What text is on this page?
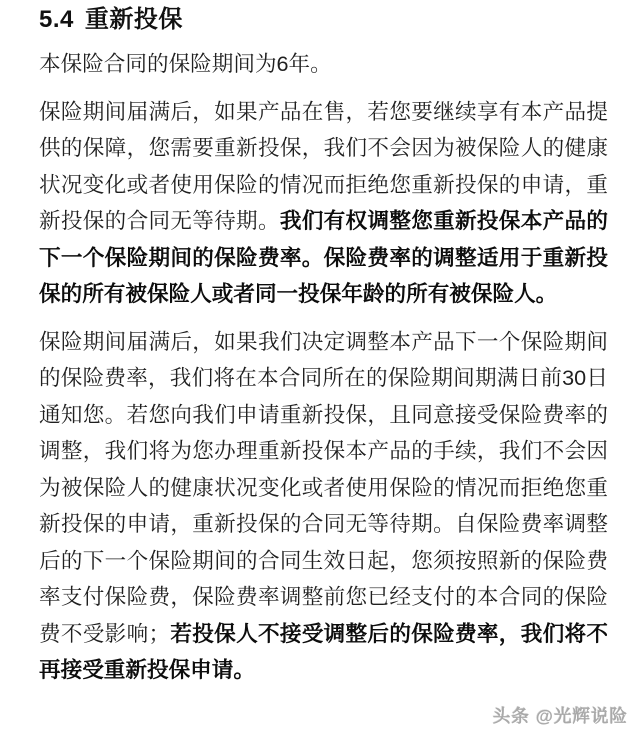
5.4 重新投保

本保险合同的保险期间为6年。

保险期间届满后，如果产品在售，若您要继续享有本产品提供的保障，您需要重新投保，我们不会因为被保险人的健康状况变化或者使用保险的情况而拒绝您重新投保的申请，重新投保的合同无等待期。我们有权调整您重新投保本产品的下一个保险期间的保险费率。保险费率的调整适用于重新投保的所有被保险人或者同一投保年龄的所有被保险人。

保险期间届满后，如果我们决定调整本产品下一个保险期间的保险费率，我们将在本合同所在的保险期间期满日前30日通知您。若您向我们申请重新投保，且同意接受保险费率的调整，我们将为您办理重新投保本产品的手续，我们不会因为被保险人的健康状况变化或者使用保险的情况而拒绝您重新投保的申请，重新投保的合同无等待期。自保险费率调整后的下一个保险期间的合同生效日起，您须按照新的保险费率支付保险费，保险费率调整前您已经支付的本合同的保险费不受影响；若投保人不接受调整后的保险费率，我们将不再接受重新投保申请。

头条 @光辉说险
